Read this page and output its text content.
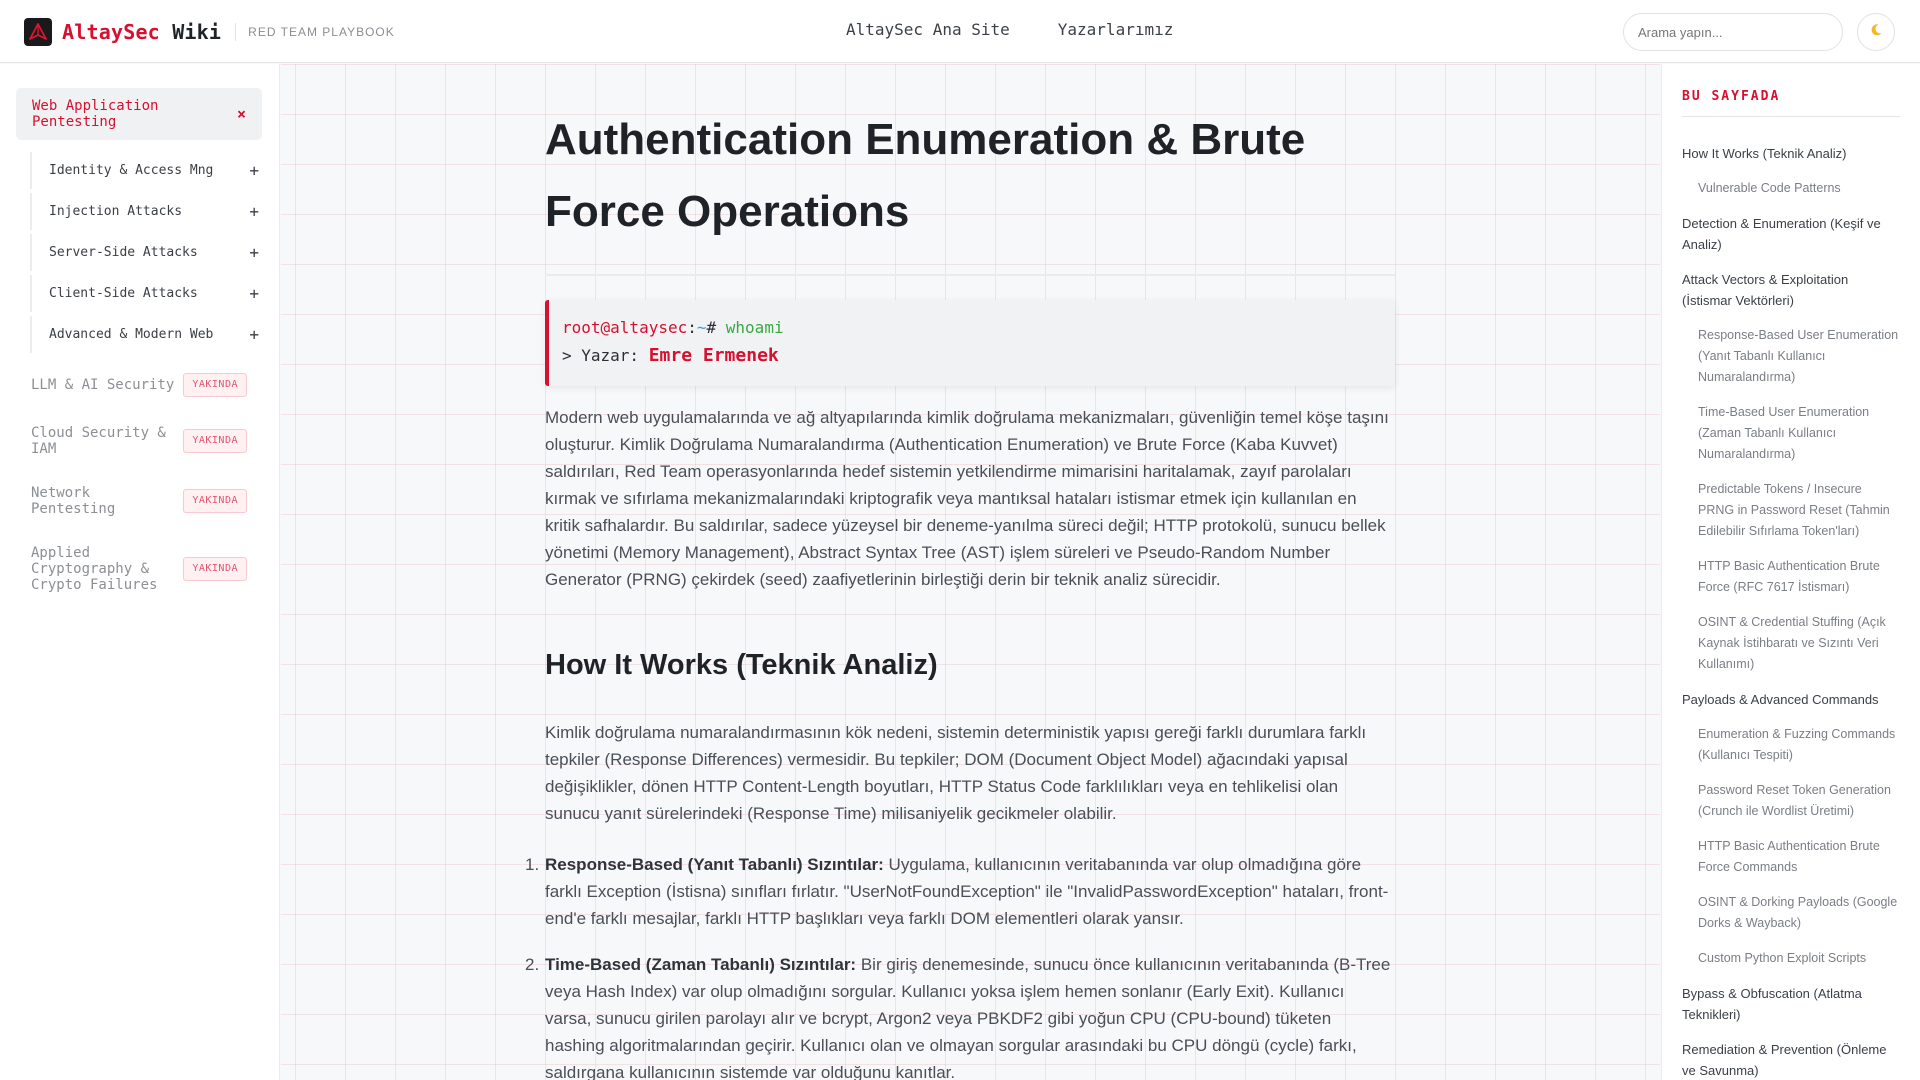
AltaySec Wiki RED TEAM PLAYBOOK	AltaySec Ana Site	Yazarlarımız
Arama yapın...
Web Application Pentesting	×
Identity & Access Mng +
Injection Attacks	+
Server-Side Attacks	+
Client-Side Attacks	+
Advanced & Modern Web +
LLM & AI Security	YAKINDA
Cloud Security & IAM
YAKINDA
Network Pentesting
YAKINDA
Applied Cryptography & Crypto Failures
YAKINDA
Authentication Enumeration & Brute Force Operations
root@altaysec:~# whoami
> Yazar: Emre Ermenek

Modern web uygulamalarında ve ağ altyapılarında kimlik doğrulama mekanizmaları, güvenliğin temel köşe taşını oluşturur. Kimlik Doğrulama Numaralandırma (Authentication Enumeration) ve Brute Force (Kaba Kuvvet) saldırıları, Red Team operasyonlarında hedef sistemin yetkilendirme mimarisini haritalamak, zayıf parolaları kırmak ve sıfırlama mekanizmalarındaki kriptografik veya mantıksal hataları istismar etmek için kullanılan en kritik safhalardır. Bu saldırılar, sadece yüzeysel bir deneme-yanılma süreci değil; HTTP protokolü, sunucu bellek yönetimi (Memory Management), Abstract Syntax Tree (AST) işlem süreleri ve Pseudo-Random Number Generator (PRNG) çekirdek (seed) zaafiyetlerinin birleştiği derin bir teknik analiz sürecidir.

How It Works (Teknik Analiz)

Kimlik doğrulama numaralandırmasının kök nedeni, sistemin deterministik yapısı gereği farklı durumlara farklı tepkiler (Response Differences) vermesidir. Bu tepkiler; DOM (Document Object Model) ağacındaki yapısal değişiklikler, dönen HTTP Content-Length boyutları, HTTP Status Code farklılıkları veya en tehlikelisi olan sunucu yanıt sürelerindeki (Response Time) milisaniyelik gecikmeler olabilir.

1. Response-Based (Yanıt Tabanlı) Sızıntılar: Uygulama, kullanıcının veritabanında var olup olmadığına göre farklı Exception (İstisna) sınıfları fırlatır. "UserNotFoundException" ile "InvalidPasswordException" hataları, front-end'e farklı mesajlar, farklı HTTP başlıkları veya farklı DOM elementleri olarak yansır.
2. Time-Based (Zaman Tabanlı) Sızıntılar: Bir giriş denemesinde, sunucu önce kullanıcının veritabanında (B-Tree veya Hash Index) var olup olmadığını sorgular. Kullanıcı yoksa işlem hemen sonlanır (Early Exit). Kullanıcı varsa, sunucu girilen parolayı alır ve bcrypt, Argon2 veya PBKDF2 gibi yoğun CPU (CPU-bound) tüketen hashing algoritmalarından geçirir. Kullanıcı olan ve olmayan sorgular arasındaki bu CPU döngü (cycle) farkı, saldırgana kullanıcının sistemde var olduğunu kanıtlar.
BU SAYFADA
How It Works (Teknik Analiz)
Vulnerable Code Patterns
Detection & Enumeration (Keşif ve Analiz)
Attack Vectors & Exploitation (İstismar Vektörleri)
Response-Based User Enumeration (Yanıt Tabanlı Kullanıcı Numaralandırma)
Time-Based User Enumeration (Zaman Tabanlı Kullanıcı Numaralandırma)
Predictable Tokens / Insecure PRNG in Password Reset (Tahmin Edilebilir Sıfırlama Token'ları)
HTTP Basic Authentication Brute Force (RFC 7617 İstismarı)
OSINT & Credential Stuffing (Açık Kaynak İstihbaratı ve Sızıntı Veri Kullanımı)
Payloads & Advanced Commands
Enumeration & Fuzzing Commands (Kullanıcı Tespiti)
Password Reset Token Generation (Crunch ile Wordlist Üretimi)
HTTP Basic Authentication Brute Force Commands
OSINT & Dorking Payloads (Google Dorks & Wayback)
Custom Python Exploit Scripts
Bypass & Obfuscation (Atlatma Teknikleri)
Remediation & Prevention (Önleme ve Savunma)
